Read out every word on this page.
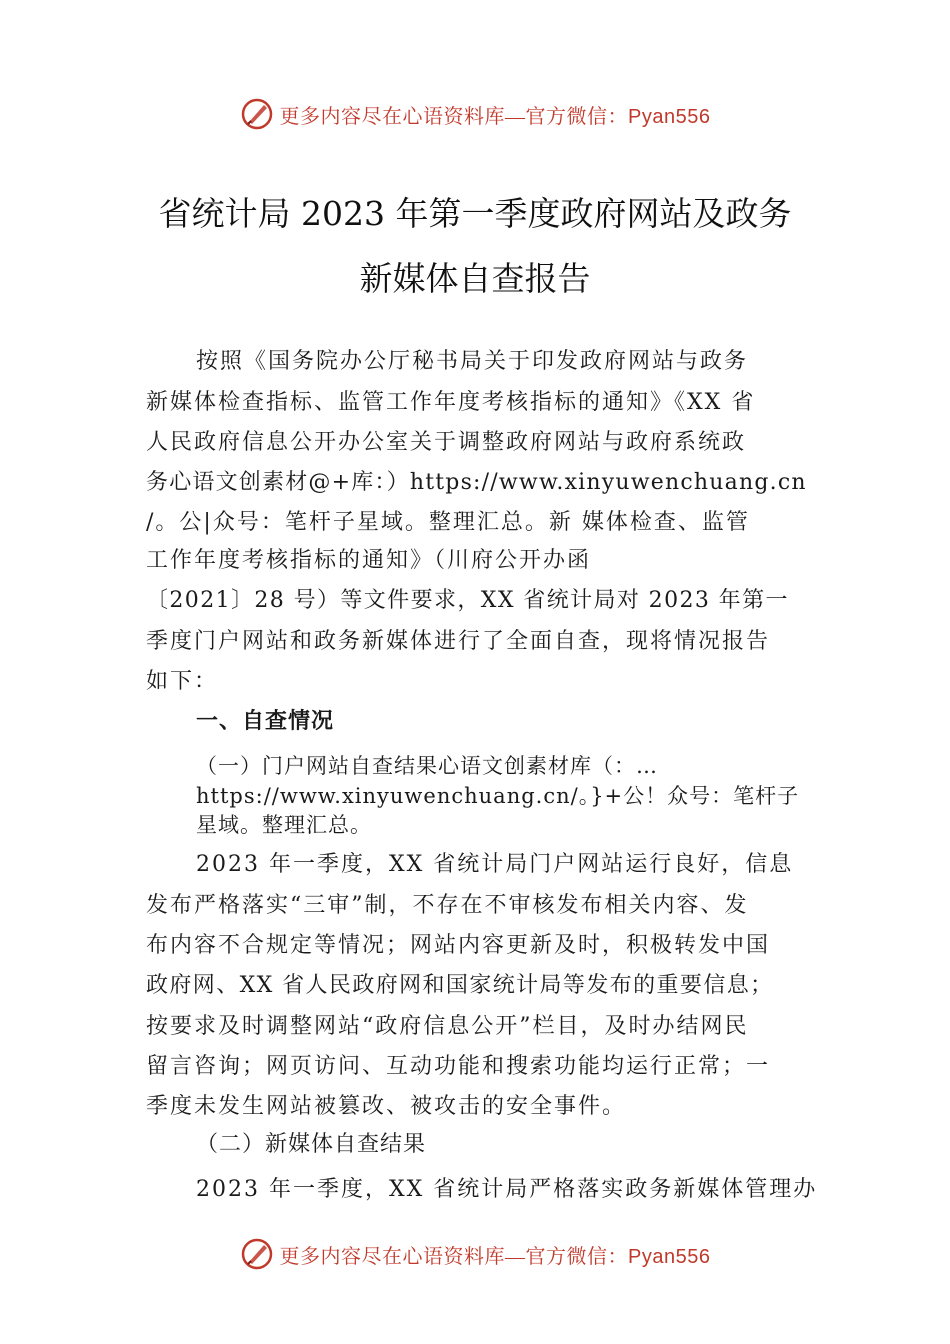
更多内容尽在心语资料库—官方微信：Pyan556
省统计局 2023 年第一季度政府网站及政务
新媒体自查报告
按照《国务院办公厅秘书局关于印发政府网站与政务
新媒体检查指标、监管工作年度考核指标的通知》《XX 省
人民政府信息公开办公室关于调整政府网站与政府系统政
务心语文创素材@+库：）https://www.xinyuwenchuang.cn
/。公|众号：笔杆子星域。整理汇总。新 媒体检查、监管
工作年度考核指标的通知》（川府公开办函
〔2021〕28 号）等文件要求，XX 省统计局对 2023 年第一
季度门户网站和政务新媒体进行了全面自查，现将情况报告
如下：
一、自查情况
（一）门户网站自查结果心语文创素材库（：…
https://www.xinyuwenchuang.cn/。}+公！众号：笔杆子
星域。整理汇总。
2023 年一季度，XX 省统计局门户网站运行良好，信息
发布严格落实“三审”制，不存在不审核发布相关内容、发
布内容不合规定等情况；网站内容更新及时，积极转发中国
政府网、XX 省人民政府网和国家统计局等发布的重要信息；
按要求及时调整网站“政府信息公开”栏目，及时办结网民
留言咨询；网页访问、互动功能和搜索功能均运行正常；一
季度未发生网站被篡改、被攻击的安全事件。
（二）新媒体自查结果
2023 年一季度，XX 省统计局严格落实政务新媒体管理办
更多内容尽在心语资料库—官方微信：Pyan556
